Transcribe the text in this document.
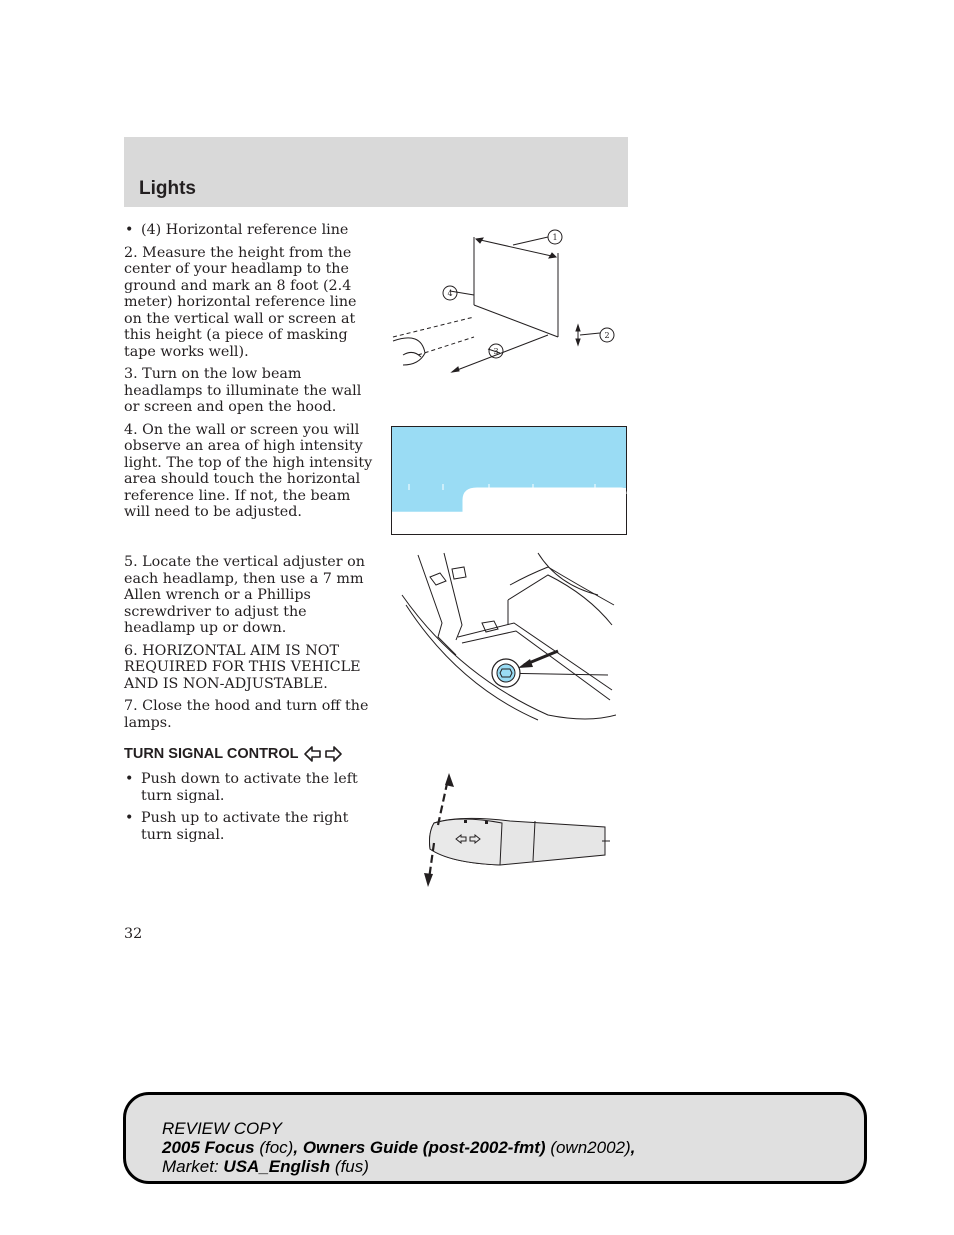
Lights

• (4) Horizontal reference line

2. Measure the height from the center of your headlamp to the ground and mark an 8 foot (2.4 meter) horizontal reference line on the vertical wall or screen at this height (a piece of masking tape works well).

3. Turn on the low beam headlamps to illuminate the wall or screen and open the hood.

4. On the wall or screen you will observe an area of high intensity light. The top of the high intensity area should touch the horizontal reference line. If not, the beam will need to be adjusted.

5. Locate the vertical adjuster on each headlamp, then use a 7 mm Allen wrench or a Phillips screwdriver to adjust the headlamp up or down.

6. HORIZONTAL AIM IS NOT REQUIRED FOR THIS VEHICLE AND IS NON-ADJUSTABLE.

7. Close the hood and turn off the lamps.

TURN SIGNAL CONTROL

• Push down to activate the left turn signal.

• Push up to activate the right turn signal.

1
4
2
3
32
REVIEW COPY
2005 Focus (foc), Owners Guide (post-2002-fmt) (own2002),
Market: USA_English (fus)
